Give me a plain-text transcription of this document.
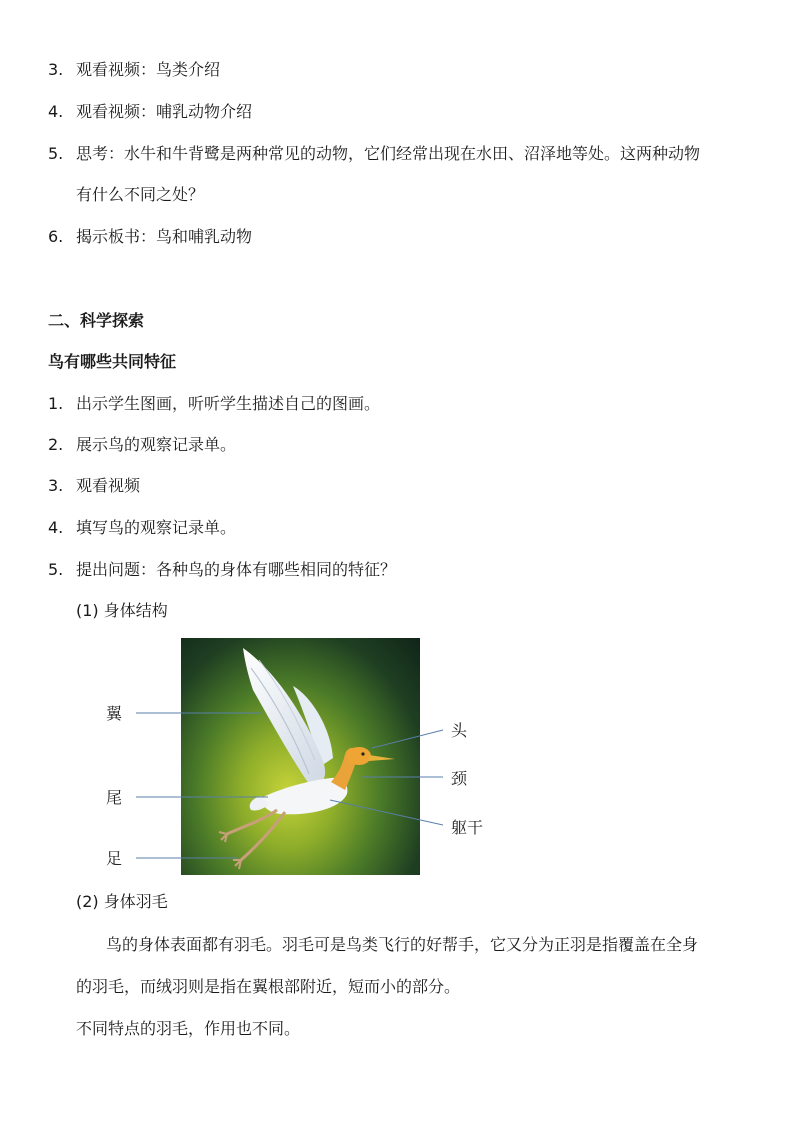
3. 观看视频：鸟类介绍
4. 观看视频：哺乳动物介绍
5. 思考：水牛和牛背鹭是两种常见的动物，它们经常出现在水田、沼泽地等处。这两种动物
有什么不同之处？
6. 揭示板书：鸟和哺乳动物
二、科学探索
鸟有哪些共同特征
1. 出示学生图画，听听学生描述自己的图画。
2. 展示鸟的观察记录单。
3. 观看视频
4. 填写鸟的观察记录单。
5. 提出问题：各种鸟的身体有哪些相同的特征？
(1) 身体结构
翼
尾
足
头
颈
躯干
(2) 身体羽毛
鸟的身体表面都有羽毛。羽毛可是鸟类飞行的好帮手，它又分为正羽是指覆盖在全身
的羽毛，而绒羽则是指在翼根部附近，短而小的部分。
不同特点的羽毛，作用也不同。
